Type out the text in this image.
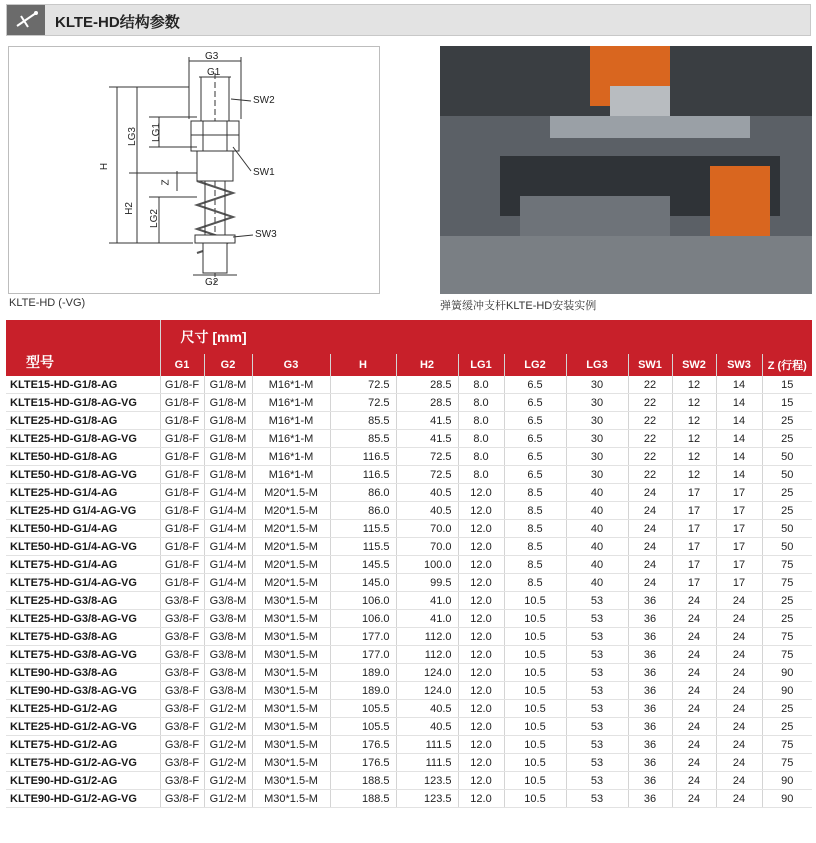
KLTE-HD结构参数
G3
G1
SW2
SW1
SW3
G2
H
LG3
H2
LG1
Z
LG2
KLTE-HD (-VG)	弹簧缓冲支杆KLTE-HD安装实例
型号	尺寸 [mm]											
	G1	G2	G3	H	H2	LG1	LG2	LG3	SW1	SW2	SW3	Z (行程)
KLTE15-HD-G1/8-AG	G1/8-F	G1/8-M	M16*1-M	72.5	28.5	8.0	6.5	30	22	12	14	15
KLTE15-HD-G1/8-AG-VG	G1/8-F	G1/8-M	M16*1-M	72.5	28.5	8.0	6.5	30	22	12	14	15
KLTE25-HD-G1/8-AG	G1/8-F	G1/8-M	M16*1-M	85.5	41.5	8.0	6.5	30	22	12	14	25
KLTE25-HD-G1/8-AG-VG	G1/8-F	G1/8-M	M16*1-M	85.5	41.5	8.0	6.5	30	22	12	14	25
KLTE50-HD-G1/8-AG	G1/8-F	G1/8-M	M16*1-M	116.5	72.5	8.0	6.5	30	22	12	14	50
KLTE50-HD-G1/8-AG-VG	G1/8-F	G1/8-M	M16*1-M	116.5	72.5	8.0	6.5	30	22	12	14	50
KLTE25-HD-G1/4-AG	G1/8-F	G1/4-M	M20*1.5-M	86.0	40.5	12.0	8.5	40	24	17	17	25
KLTE25-HD G1/4-AG-VG	G1/8-F	G1/4-M	M20*1.5-M	86.0	40.5	12.0	8.5	40	24	17	17	25
KLTE50-HD-G1/4-AG	G1/8-F	G1/4-M	M20*1.5-M	115.5	70.0	12.0	8.5	40	24	17	17	50
KLTE50-HD-G1/4-AG-VG	G1/8-F	G1/4-M	M20*1.5-M	115.5	70.0	12.0	8.5	40	24	17	17	50
KLTE75-HD-G1/4-AG	G1/8-F	G1/4-M	M20*1.5-M	145.5	100.0	12.0	8.5	40	24	17	17	75
KLTE75-HD-G1/4-AG-VG	G1/8-F	G1/4-M	M20*1.5-M	145.0	99.5	12.0	8.5	40	24	17	17	75
KLTE25-HD-G3/8-AG	G3/8-F	G3/8-M	M30*1.5-M	106.0	41.0	12.0	10.5	53	36	24	24	25
KLTE25-HD-G3/8-AG-VG	G3/8-F	G3/8-M	M30*1.5-M	106.0	41.0	12.0	10.5	53	36	24	24	25
KLTE75-HD-G3/8-AG	G3/8-F	G3/8-M	M30*1.5-M	177.0	112.0	12.0	10.5	53	36	24	24	75
KLTE75-HD-G3/8-AG-VG	G3/8-F	G3/8-M	M30*1.5-M	177.0	112.0	12.0	10.5	53	36	24	24	75
KLTE90-HD-G3/8-AG	G3/8-F	G3/8-M	M30*1.5-M	189.0	124.0	12.0	10.5	53	36	24	24	90
KLTE90-HD-G3/8-AG-VG	G3/8-F	G3/8-M	M30*1.5-M	189.0	124.0	12.0	10.5	53	36	24	24	90
KLTE25-HD-G1/2-AG	G3/8-F	G1/2-M	M30*1.5-M	105.5	40.5	12.0	10.5	53	36	24	24	25
KLTE25-HD-G1/2-AG-VG	G3/8-F	G1/2-M	M30*1.5-M	105.5	40.5	12.0	10.5	53	36	24	24	25
KLTE75-HD-G1/2-AG	G3/8-F	G1/2-M	M30*1.5-M	176.5	111.5	12.0	10.5	53	36	24	24	75
KLTE75-HD-G1/2-AG-VG	G3/8-F	G1/2-M	M30*1.5-M	176.5	111.5	12.0	10.5	53	36	24	24	75
KLTE90-HD-G1/2-AG	G3/8-F	G1/2-M	M30*1.5-M	188.5	123.5	12.0	10.5	53	36	24	24	90
KLTE90-HD-G1/2-AG-VG	G3/8-F	G1/2-M	M30*1.5-M	188.5	123.5	12.0	10.5	53	36	24	24	90
